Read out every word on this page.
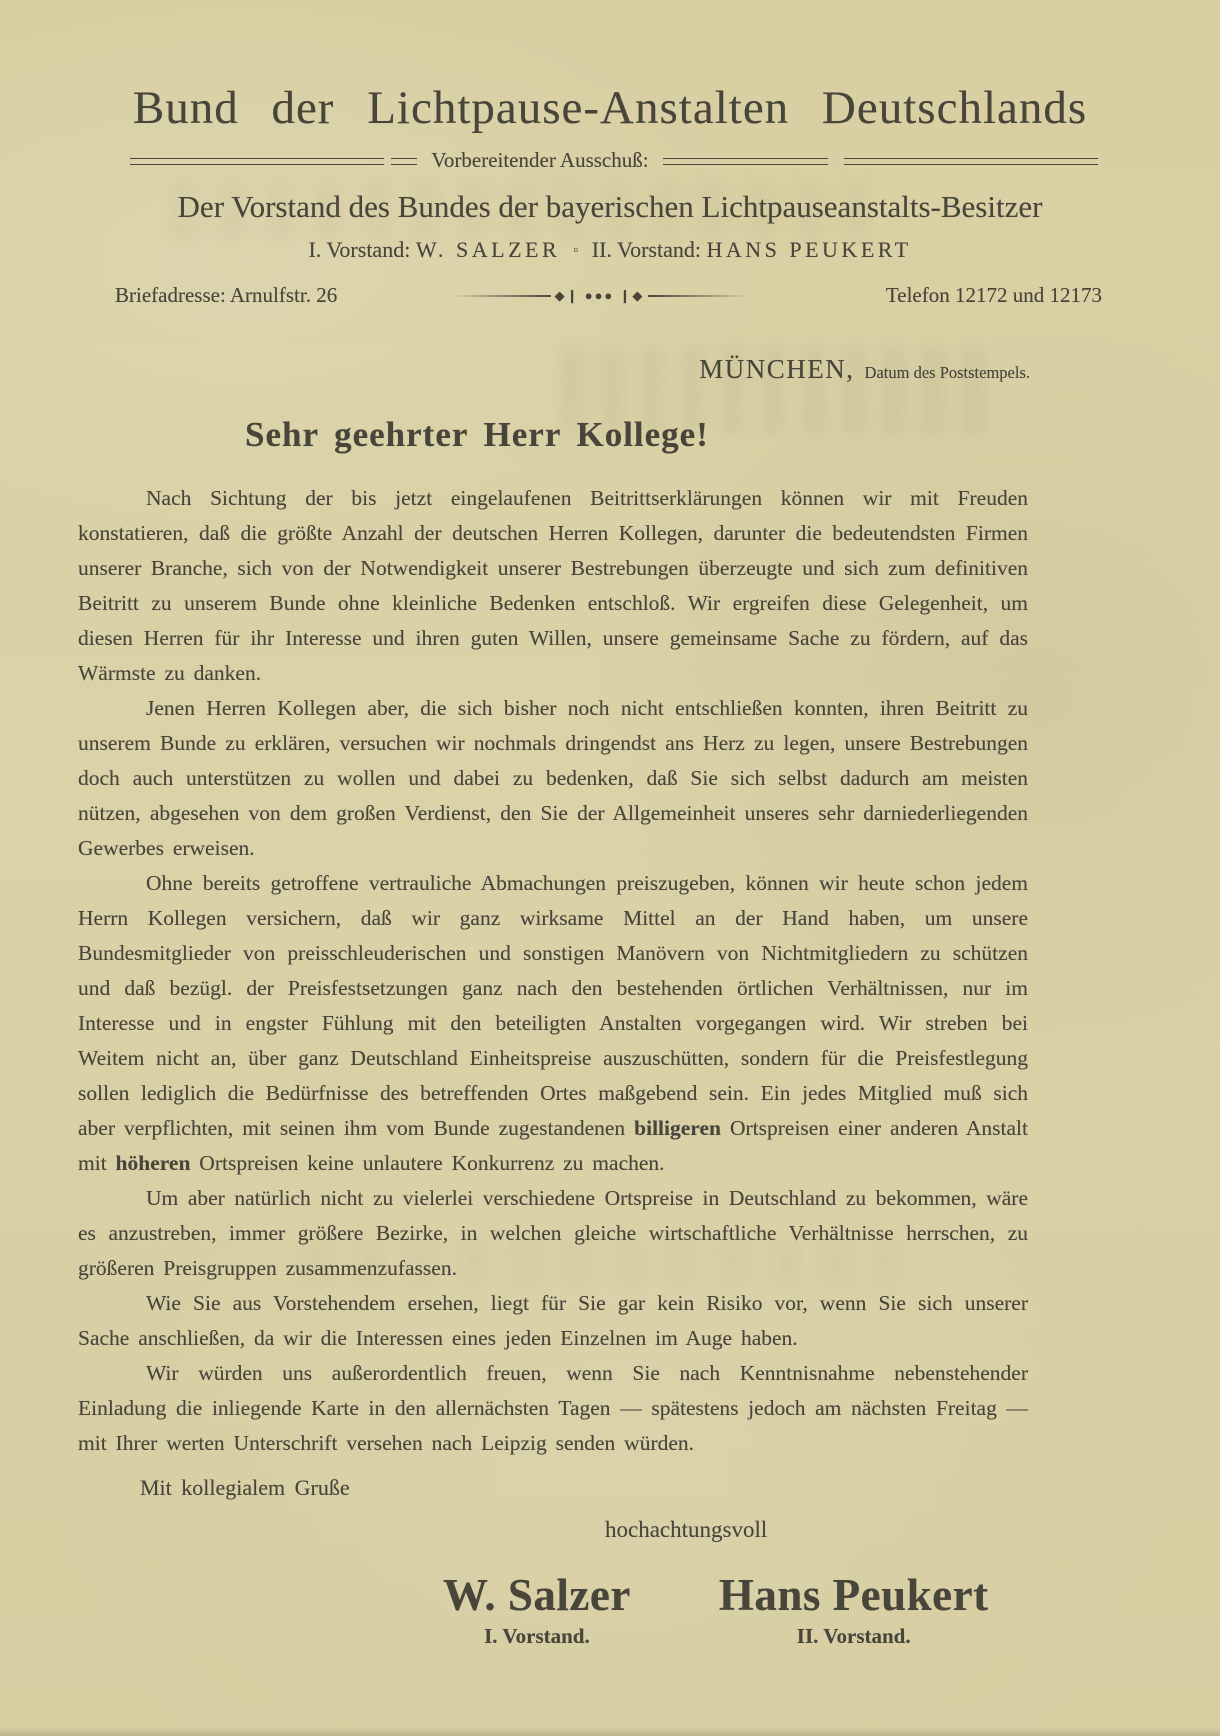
Bund der Lichtpause-Anstalten Deutschlands
Vorbereitender Ausschuß:
Der Vorstand des Bundes der bayerischen Lichtpauseanstalts-Besitzer
I. Vorstand: W. SALZER ▫ II. Vorstand: HANS PEUKERT
Briefadresse: Arnulfstr. 26	◆❙ ●●● ❙◆	Telefon 12172 und 12173
MÜNCHEN, Datum des Poststempels.
Sehr geehrter Herr Kollege!

Nach Sichtung der bis jetzt eingelaufenen Beitrittserklärungen können wir mit Freuden konstatieren, daß die größte Anzahl der deutschen Herren Kollegen, darunter die bedeutendsten Firmen unserer Branche, sich von der Notwendigkeit unserer Bestrebungen überzeugte und sich zum definitiven Beitritt zu unserem Bunde ohne kleinliche Bedenken entschloß. Wir ergreifen diese Gelegenheit, um diesen Herren für ihr Interesse und ihren guten Willen, unsere gemeinsame Sache zu fördern, auf das Wärmste zu danken.

Jenen Herren Kollegen aber, die sich bisher noch nicht entschließen konnten, ihren Beitritt zu unserem Bunde zu erklären, versuchen wir nochmals dringendst ans Herz zu legen, unsere Bestrebungen doch auch unterstützen zu wollen und dabei zu bedenken, daß Sie sich selbst dadurch am meisten nützen, abgesehen von dem großen Verdienst, den Sie der Allgemeinheit unseres sehr darniederliegenden Gewerbes erweisen.

Ohne bereits getroffene vertrauliche Abmachungen preiszugeben, können wir heute schon jedem Herrn Kollegen versichern, daß wir ganz wirksame Mittel an der Hand haben, um unsere Bundesmitglieder von preisschleuderischen und sonstigen Manövern von Nichtmitgliedern zu schützen und daß bezügl. der Preisfestsetzungen ganz nach den bestehenden örtlichen Verhältnissen, nur im Interesse und in engster Fühlung mit den beteiligten Anstalten vorgegangen wird. Wir streben bei Weitem nicht an, über ganz Deutschland Einheitspreise auszuschütten, sondern für die Preisfestlegung sollen lediglich die Bedürfnisse des betreffenden Ortes maßgebend sein. Ein jedes Mitglied muß sich aber verpflichten, mit seinen ihm vom Bunde zugestandenen billigeren Ortspreisen einer anderen Anstalt mit höheren Ortspreisen keine unlautere Konkurrenz zu machen.

Um aber natürlich nicht zu vielerlei verschiedene Ortspreise in Deutschland zu bekommen, wäre es anzustreben, immer größere Bezirke, in welchen gleiche wirtschaftliche Verhältnisse herrschen, zu größeren Preisgruppen zusammenzufassen.

Wie Sie aus Vorstehendem ersehen, liegt für Sie gar kein Risiko vor, wenn Sie sich unserer Sache anschließen, da wir die Interessen eines jeden Einzelnen im Auge haben.

Wir würden uns außerordentlich freuen, wenn Sie nach Kenntnisnahme nebenstehender Einladung die inliegende Karte in den allernächsten Tagen — spätestens jedoch am nächsten Freitag — mit Ihrer werten Unterschrift versehen nach Leipzig senden würden.

Mit kollegialem Gruße
hochachtungsvoll
W. Salzer
I. Vorstand.
Hans Peukert
II. Vorstand.
